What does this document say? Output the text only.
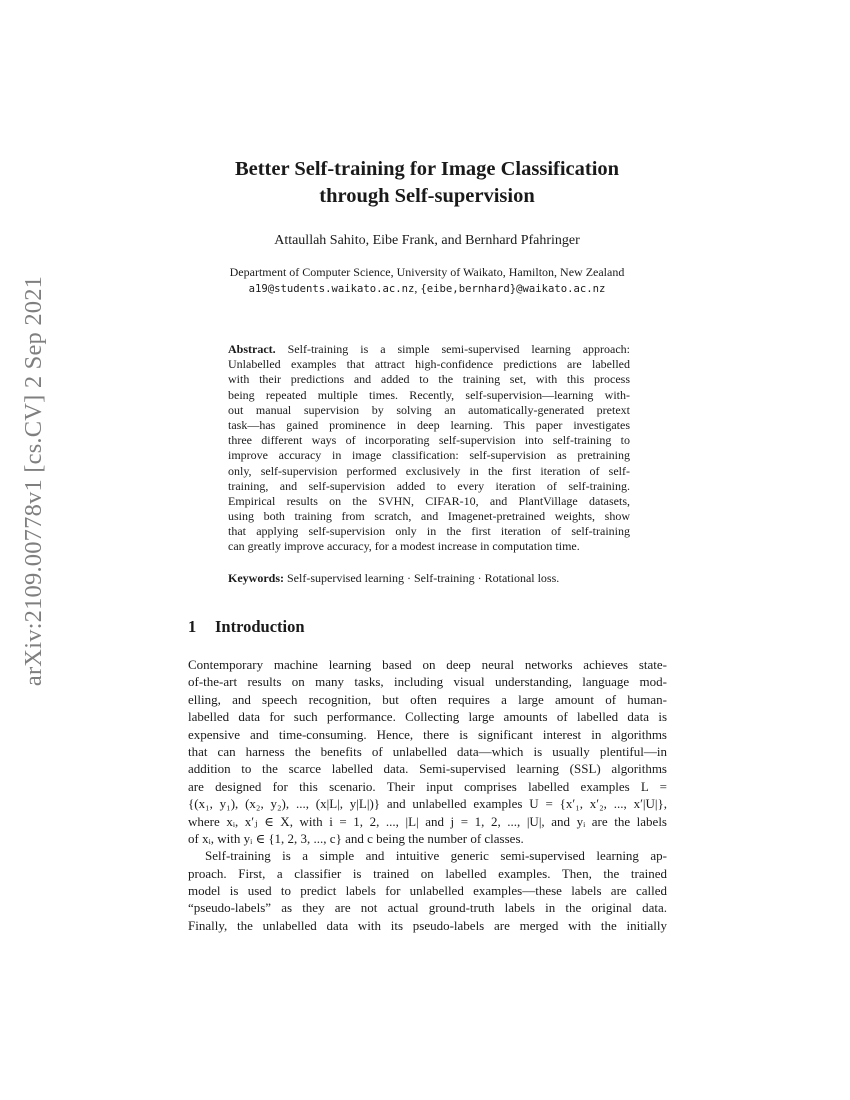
arXiv:2109.00778v1 [cs.CV] 2 Sep 2021
Better Self-training for Image Classification
through Self-supervision
Attaullah Sahito, Eibe Frank, and Bernhard Pfahringer
Department of Computer Science, University of Waikato, Hamilton, New Zealand
a19@students.waikato.ac.nz, {eibe,bernhard}@waikato.ac.nz
Abstract. Self-training is a simple semi-supervised learning approach:
Unlabelled examples that attract high-confidence predictions are labelled
with their predictions and added to the training set, with this process
being repeated multiple times. Recently, self-supervision—learning with-
out manual supervision by solving an automatically-generated pretext
task—has gained prominence in deep learning. This paper investigates
three different ways of incorporating self-supervision into self-training to
improve accuracy in image classification: self-supervision as pretraining
only, self-supervision performed exclusively in the first iteration of self-
training, and self-supervision added to every iteration of self-training.
Empirical results on the SVHN, CIFAR-10, and PlantVillage datasets,
using both training from scratch, and Imagenet-pretrained weights, show
that applying self-supervision only in the first iteration of self-training
can greatly improve accuracy, for a modest increase in computation time.
Keywords: Self-supervised learning · Self-training · Rotational loss.
1 Introduction
Contemporary machine learning based on deep neural networks achieves state-
of-the-art results on many tasks, including visual understanding, language mod-
elling, and speech recognition, but often requires a large amount of human-
labelled data for such performance. Collecting large amounts of labelled data is
expensive and time-consuming. Hence, there is significant interest in algorithms
that can harness the benefits of unlabelled data—which is usually plentiful—in
addition to the scarce labelled data. Semi-supervised learning (SSL) algorithms
are designed for this scenario. Their input comprises labelled examples L =
{(x₁, y₁), (x₂, y₂), ..., (x|L|, y|L|)} and unlabelled examples U = {x′₁, x′₂, ..., x′|U|},
where xᵢ, x′ⱼ ∈ X, with i = 1, 2, ..., |L| and j = 1, 2, ..., |U|, and yᵢ are the labels
of xᵢ, with yᵢ ∈ {1, 2, 3, ..., c} and c being the number of classes.
Self-training is a simple and intuitive generic semi-supervised learning ap-
proach. First, a classifier is trained on labelled examples. Then, the trained
model is used to predict labels for unlabelled examples—these labels are called
“pseudo-labels” as they are not actual ground-truth labels in the original data.
Finally, the unlabelled data with its pseudo-labels are merged with the initially
